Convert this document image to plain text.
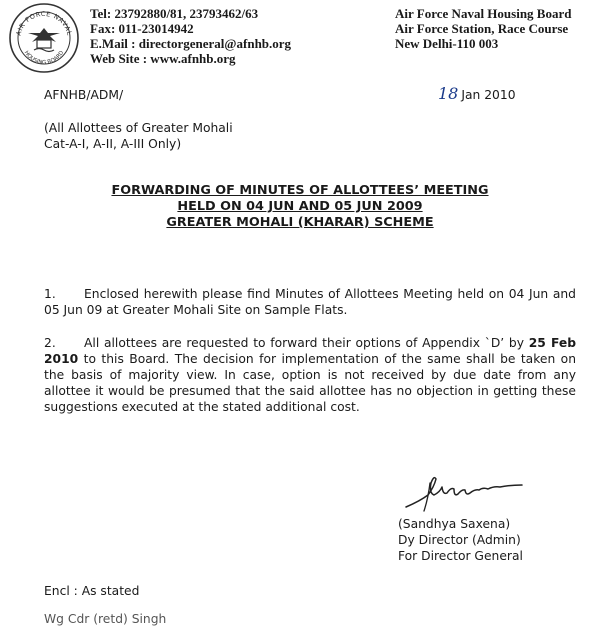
AIR FORCE NAVAL
HOUSING BOARD
Tel: 23792880/81, 23793462/63
Fax: 011-23014942
E.Mail : directorgeneral@afnhb.org
Web Site : www.afnhb.org
Air Force Naval Housing Board
Air Force Station, Race Course
New Delhi-110 003
AFNHB/ADM/	18 Jan 2010
(All Allottees of Greater Mohali
Cat-A-I, A-II, A-III Only)
FORWARDING OF MINUTES OF ALLOTTEES’ MEETING
HELD ON 04 JUN AND 05 JUN 2009
GREATER MOHALI (KHARAR) SCHEME
1. Enclosed herewith please find Minutes of Allottees Meeting held on 04 Jun and 05 Jun 09 at Greater Mohali Site on Sample Flats.
2. All allottees are requested to forward their options of Appendix `D’ by 25 Feb 2010 to this Board. The decision for implementation of the same shall be taken on the basis of majority view. In case, option is not received by due date from any allottee it would be presumed that the said allottee has no objection in getting these suggestions executed at the stated additional cost.
(Sandhya Saxena)
Dy Director (Admin)
For Director General
Encl : As stated
Wg Cdr (retd) Singh
